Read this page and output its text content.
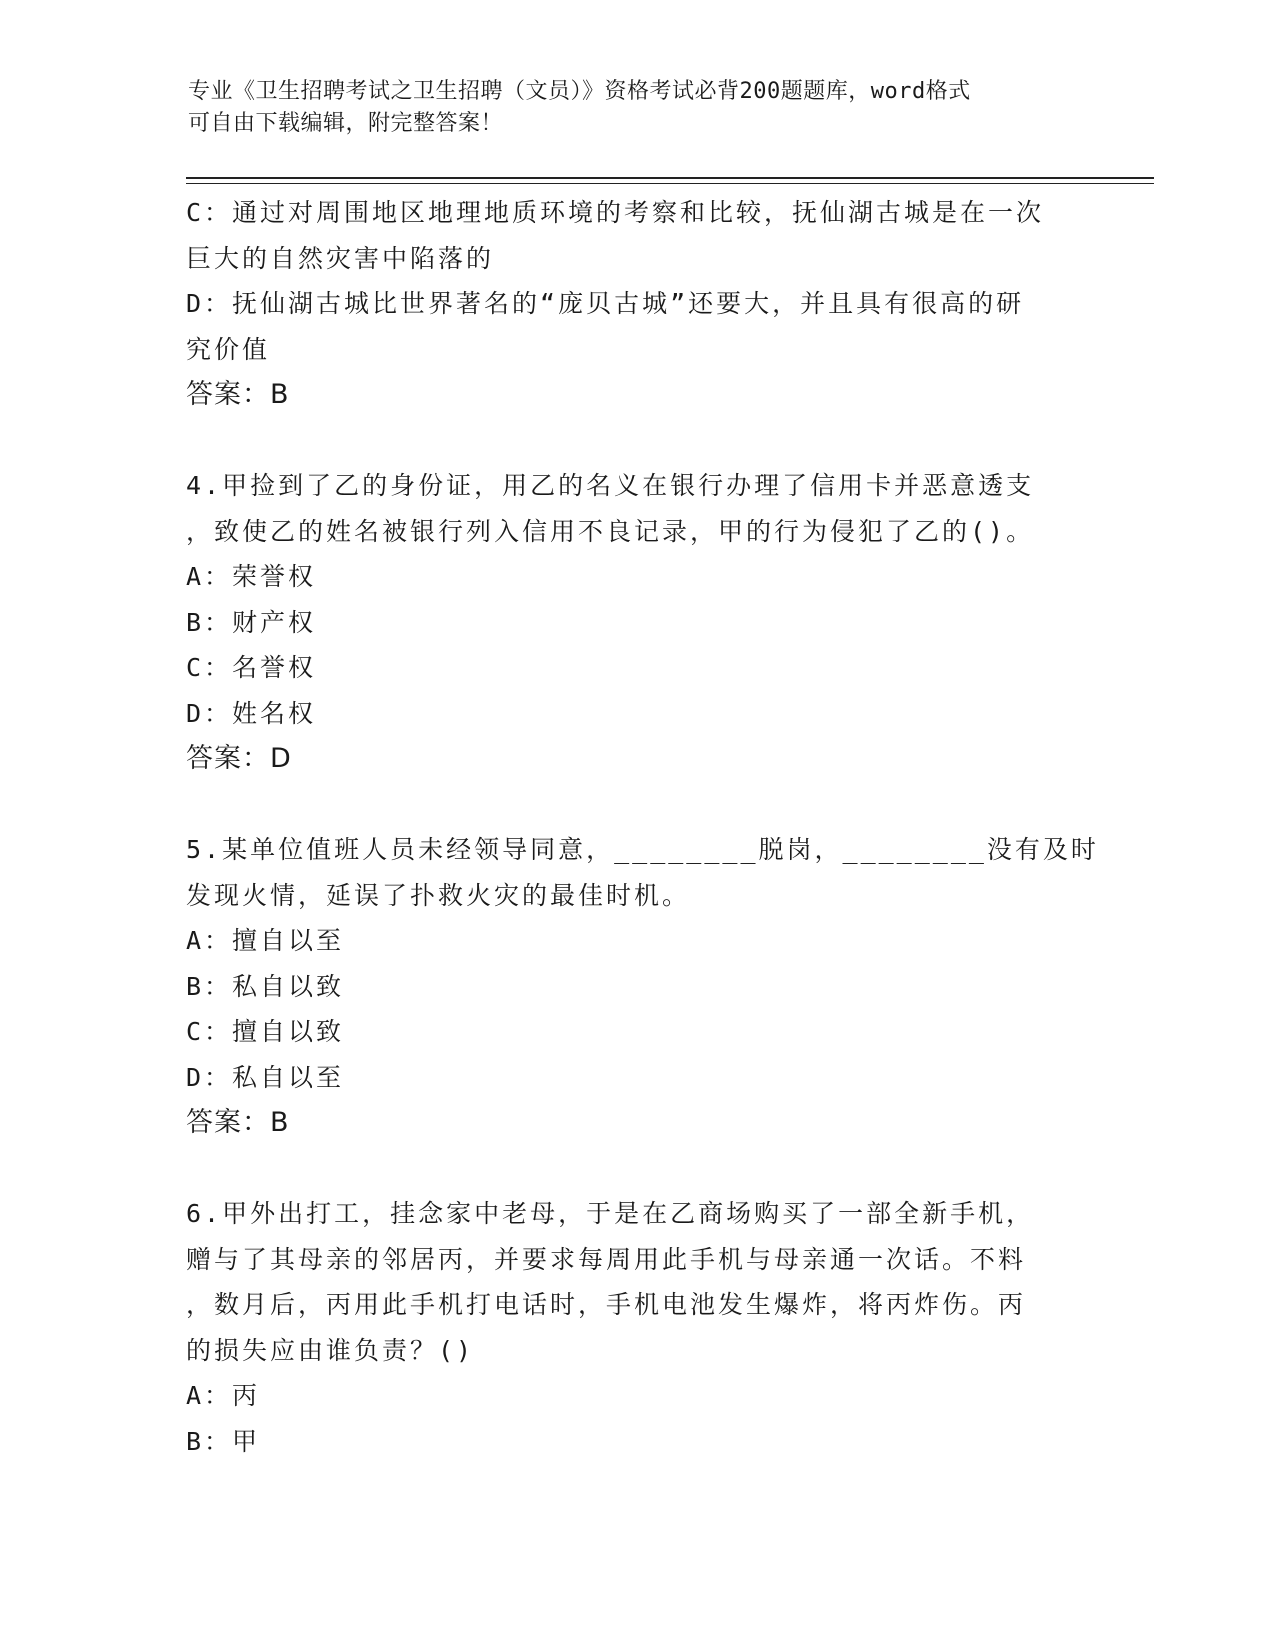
专业《卫生招聘考试之卫生招聘（文员）》资格考试必背200题题库，word格式
可自由下载编辑，附完整答案！
C：通过对周围地区地理地质环境的考察和比较，抚仙湖古城是在一次
巨大的自然灾害中陷落的
D：抚仙湖古城比世界著名的“庞贝古城”还要大，并且具有很高的研
究价值
答案：B
4.甲捡到了乙的身份证，用乙的名义在银行办理了信用卡并恶意透支
，致使乙的姓名被银行列入信用不良记录，甲的行为侵犯了乙的()。
A：荣誉权
B：财产权
C：名誉权
D：姓名权
答案：D
5.某单位值班人员未经领导同意，________脱岗，________没有及时
发现火情，延误了扑救火灾的最佳时机。
A：擅自以至
B：私自以致
C：擅自以致
D：私自以至
答案：B
6.甲外出打工，挂念家中老母，于是在乙商场购买了一部全新手机，
赠与了其母亲的邻居丙，并要求每周用此手机与母亲通一次话。不料
，数月后，丙用此手机打电话时，手机电池发生爆炸，将丙炸伤。丙
的损失应由谁负责？()
A：丙
B：甲
